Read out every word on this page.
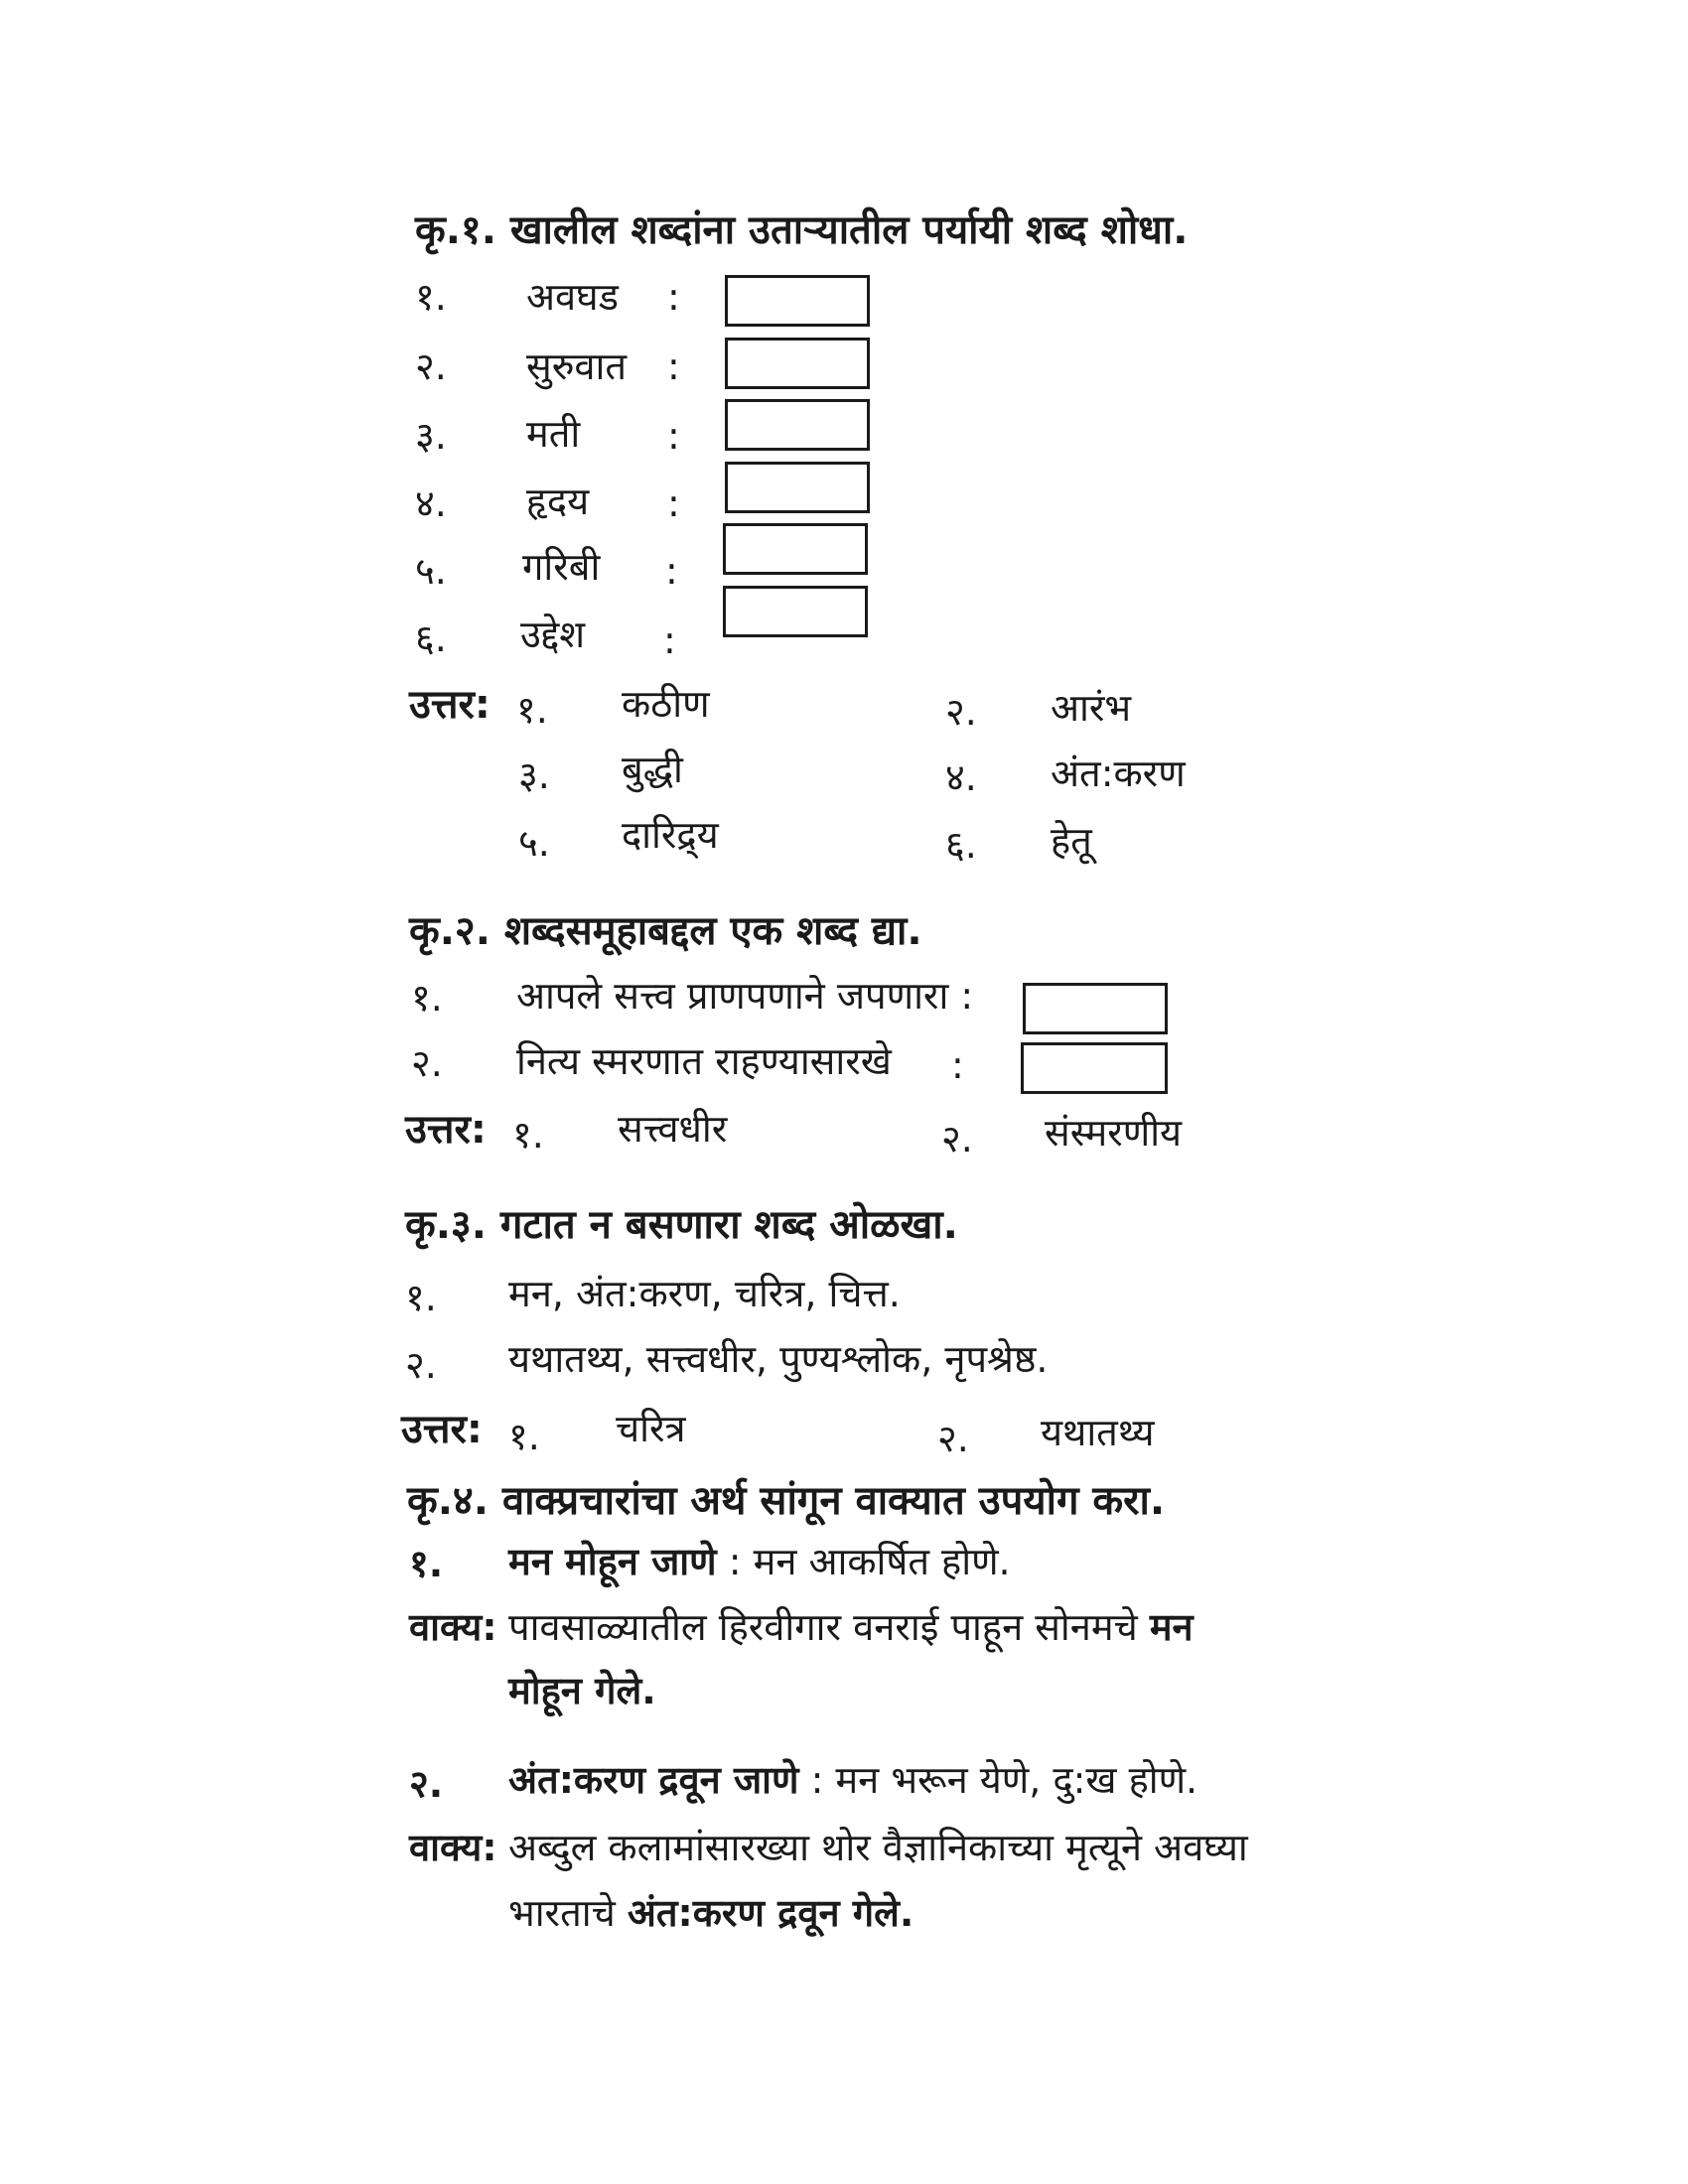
कृ.१. खालील शब्दांना उताऱ्यातील पर्यायी शब्द शोधा.
१. अवघड :
२. सुरुवात :
३. मती :
४. हृदय :
५. गरिबी :
६. उद्देश :
उत्तर: १. कठीण	२. आरंभ
३. बुद्धी	४. अंत:करण
५. दारिद्र्य	६. हेतू
कृ.२. शब्दसमूहाबद्दल एक शब्द द्या.
१. आपले सत्त्व प्राणपणाने जपणारा :
२. नित्य स्मरणात राहण्यासारखे :
उत्तर: १. सत्त्वधीर	२. संस्मरणीय
कृ.३. गटात न बसणारा शब्द ओळखा.
१. मन, अंत:करण, चरित्र, चित्त.
२. यथातथ्य, सत्त्वधीर, पुण्यश्लोक, नृपश्रेष्ठ.
उत्तर: १. चरित्र	२. यथातथ्य
कृ.४. वाक्प्रचारांचा अर्थ सांगून वाक्यात उपयोग करा.
१. मन मोहून जाणे : मन आकर्षित होणे.
वाक्य: पावसाळ्यातील हिरवीगार वनराई पाहून सोनमचे मन
मोहून गेले.
२. अंत:करण द्रवून जाणे : मन भरून येणे, दु:ख होणे.
वाक्य: अब्दुल कलामांसारख्या थोर वैज्ञानिकाच्या मृत्यूने अवघ्या
भारताचे अंत:करण द्रवून गेले.
